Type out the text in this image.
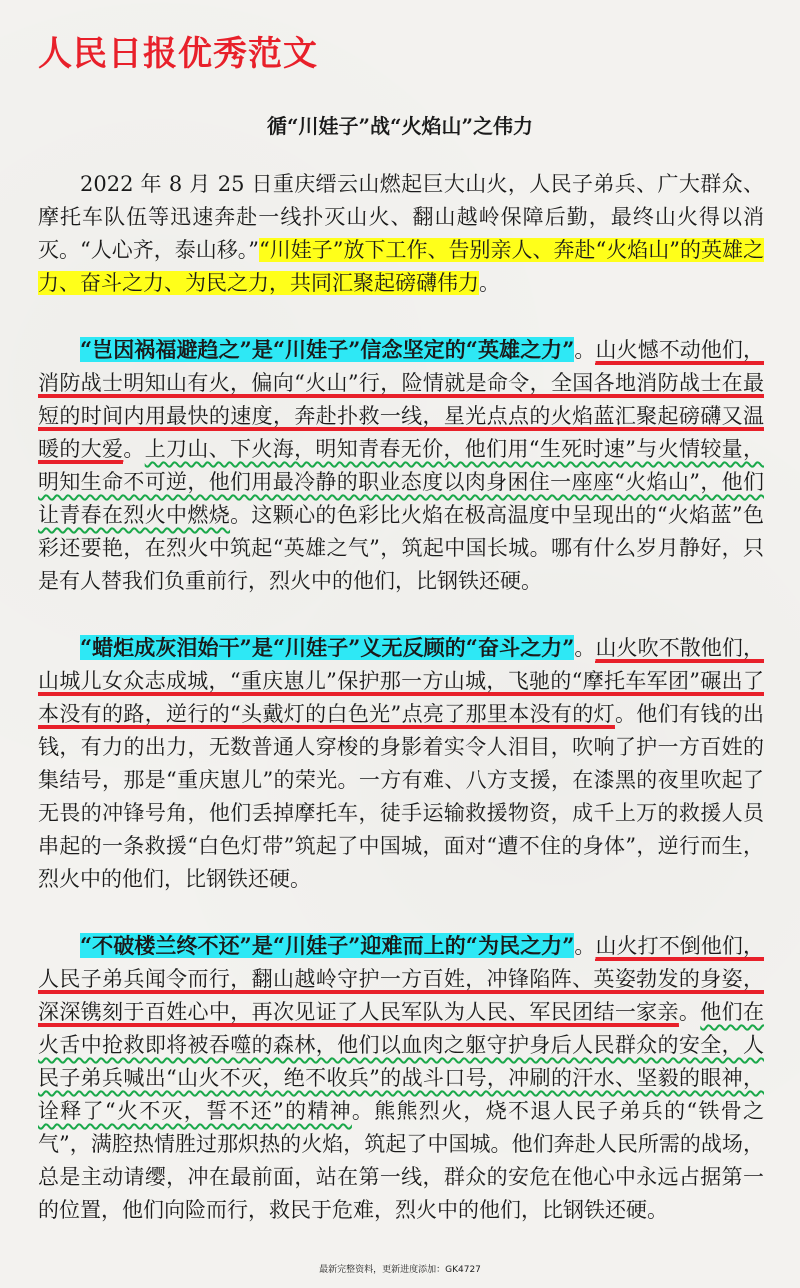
人民日报优秀范文
循“川娃子”战“火焰山”之伟力

2022 年 8 月 25 日重庆缙云山燃起巨大山火，人民子弟兵、广大群众、摩托车队伍等迅速奔赴一线扑灭山火、翻山越岭保障后勤，最终山火得以消灭。“人心齐，泰山移。”“川娃子”放下工作、告别亲人、奔赴“火焰山”的英雄之力、奋斗之力、为民之力，共同汇聚起磅礴伟力。

“岂因祸福避趋之”是“川娃子”信念坚定的“英雄之力”。山火憾不动他们，消防战士明知山有火，偏向“火山”行，险情就是命令，全国各地消防战士在最短的时间内用最快的速度，奔赴扑救一线，星光点点的火焰蓝汇聚起磅礴又温暖的大爱。上刀山、下火海，明知青春无价，他们用“生死时速”与火情较量，明知生命不可逆，他们用最冷静的职业态度以肉身困住一座座“火焰山”，他们让青春在烈火中燃烧。这颗心的色彩比火焰在极高温度中呈现出的“火焰蓝”色彩还要艳，在烈火中筑起“英雄之气”，筑起中国长城。哪有什么岁月静好，只是有人替我们负重前行，烈火中的他们，比钢铁还硬。

“蜡炬成灰泪始干”是“川娃子”义无反顾的“奋斗之力”。山火吹不散他们，山城儿女众志成城，“重庆崽儿”保护那一方山城，飞驰的“摩托车军团”碾出了本没有的路，逆行的“头戴灯的白色光”点亮了那里本没有的灯。他们有钱的出钱，有力的出力，无数普通人穿梭的身影着实令人泪目，吹响了护一方百姓的集结号，那是“重庆崽儿”的荣光。一方有难、八方支援，在漆黑的夜里吹起了无畏的冲锋号角，他们丢掉摩托车，徒手运输救援物资，成千上万的救援人员串起的一条救援“白色灯带”筑起了中国城，面对“遭不住的身体”，逆行而生，烈火中的他们，比钢铁还硬。

“不破楼兰终不还”是“川娃子”迎难而上的“为民之力”。山火打不倒他们，人民子弟兵闻令而行，翻山越岭守护一方百姓，冲锋陷阵、英姿勃发的身姿，深深镌刻于百姓心中，再次见证了人民军队为人民、军民团结一家亲。他们在火舌中抢救即将被吞噬的森林，他们以血肉之躯守护身后人民群众的安全，人民子弟兵喊出“山火不灭，绝不收兵”的战斗口号，冲刷的汗水、坚毅的眼神，诠释了“火不灭，誓不还”的精神。熊熊烈火，烧不退人民子弟兵的“铁骨之气”，满腔热情胜过那炽热的火焰，筑起了中国城。他们奔赴人民所需的战场，总是主动请缨，冲在最前面，站在第一线，群众的安危在他心中永远占据第一的位置，他们向险而行，救民于危难，烈火中的他们，比钢铁还硬。

最新完整资料，更新进度添加：GK4727
